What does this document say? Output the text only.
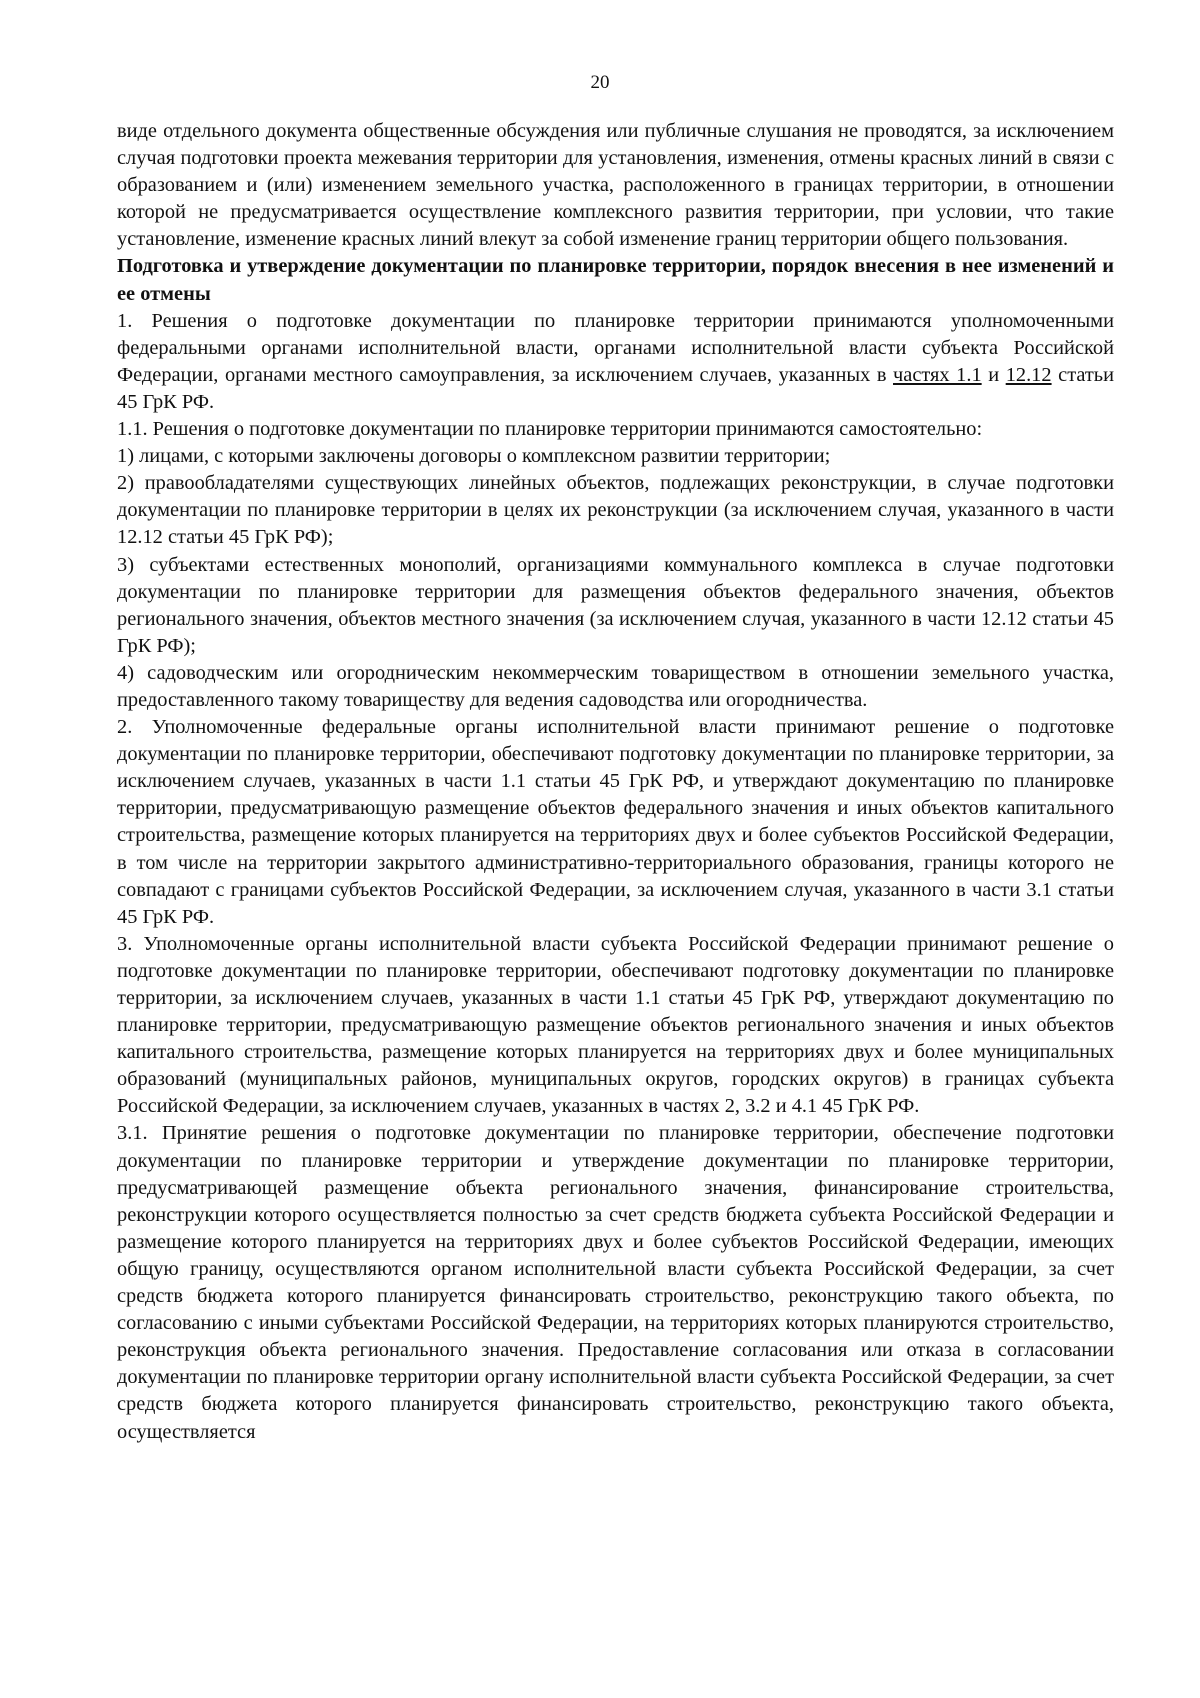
20

виде отдельного документа общественные обсуждения или публичные слушания не проводятся, за исключением случая подготовки проекта межевания территории для установления, изменения, отмены красных линий в связи с образованием и (или) изменением земельного участка, расположенного в границах территории, в отношении которой не предусматривается осуществление комплексного развития территории, при условии, что такие установление, изменение красных линий влекут за собой изменение границ территории общего пользования.

Подготовка и утверждение документации по планировке территории, порядок внесения в нее изменений и ее отмены

1. Решения о подготовке документации по планировке территории принимаются уполномоченными федеральными органами исполнительной власти, органами исполнительной власти субъекта Российской Федерации, органами местного самоуправления, за исключением случаев, указанных в частях 1.1 и 12.12 статьи 45 ГрК РФ.

1.1. Решения о подготовке документации по планировке территории принимаются самостоятельно:

1) лицами, с которыми заключены договоры о комплексном развитии территории;

2) правообладателями существующих линейных объектов, подлежащих реконструкции, в случае подготовки документации по планировке территории в целях их реконструкции (за исключением случая, указанного в части 12.12 статьи 45 ГрК РФ);

3) субъектами естественных монополий, организациями коммунального комплекса в случае подготовки документации по планировке территории для размещения объектов федерального значения, объектов регионального значения, объектов местного значения (за исключением случая, указанного в части 12.12 статьи 45 ГрК РФ);

4) садоводческим или огородническим некоммерческим товариществом в отношении земельного участка, предоставленного такому товариществу для ведения садоводства или огородничества.

2. Уполномоченные федеральные органы исполнительной власти принимают решение о подготовке документации по планировке территории, обеспечивают подготовку документации по планировке территории, за исключением случаев, указанных в части 1.1 статьи 45 ГрК РФ, и утверждают документацию по планировке территории, предусматривающую размещение объектов федерального значения и иных объектов капитального строительства, размещение которых планируется на территориях двух и более субъектов Российской Федерации, в том числе на территории закрытого административно-территориального образования, границы которого не совпадают с границами субъектов Российской Федерации, за исключением случая, указанного в части 3.1 статьи 45 ГрК РФ.

3. Уполномоченные органы исполнительной власти субъекта Российской Федерации принимают решение о подготовке документации по планировке территории, обеспечивают подготовку документации по планировке территории, за исключением случаев, указанных в части 1.1 статьи 45 ГрК РФ, утверждают документацию по планировке территории, предусматривающую размещение объектов регионального значения и иных объектов капитального строительства, размещение которых планируется на территориях двух и более муниципальных образований (муниципальных районов, муниципальных округов, городских округов) в границах субъекта Российской Федерации, за исключением случаев, указанных в частях 2, 3.2 и 4.1 45 ГрК РФ.

3.1. Принятие решения о подготовке документации по планировке территории, обеспечение подготовки документации по планировке территории и утверждение документации по планировке территории, предусматривающей размещение объекта регионального значения, финансирование строительства, реконструкции которого осуществляется полностью за счет средств бюджета субъекта Российской Федерации и размещение которого планируется на территориях двух и более субъектов Российской Федерации, имеющих общую границу, осуществляются органом исполнительной власти субъекта Российской Федерации, за счет средств бюджета которого планируется финансировать строительство, реконструкцию такого объекта, по согласованию с иными субъектами Российской Федерации, на территориях которых планируются строительство, реконструкция объекта регионального значения. Предоставление согласования или отказа в согласовании документации по планировке территории органу исполнительной власти субъекта Российской Федерации, за счет средств бюджета которого планируется финансировать строительство, реконструкцию такого объекта, осуществляется
